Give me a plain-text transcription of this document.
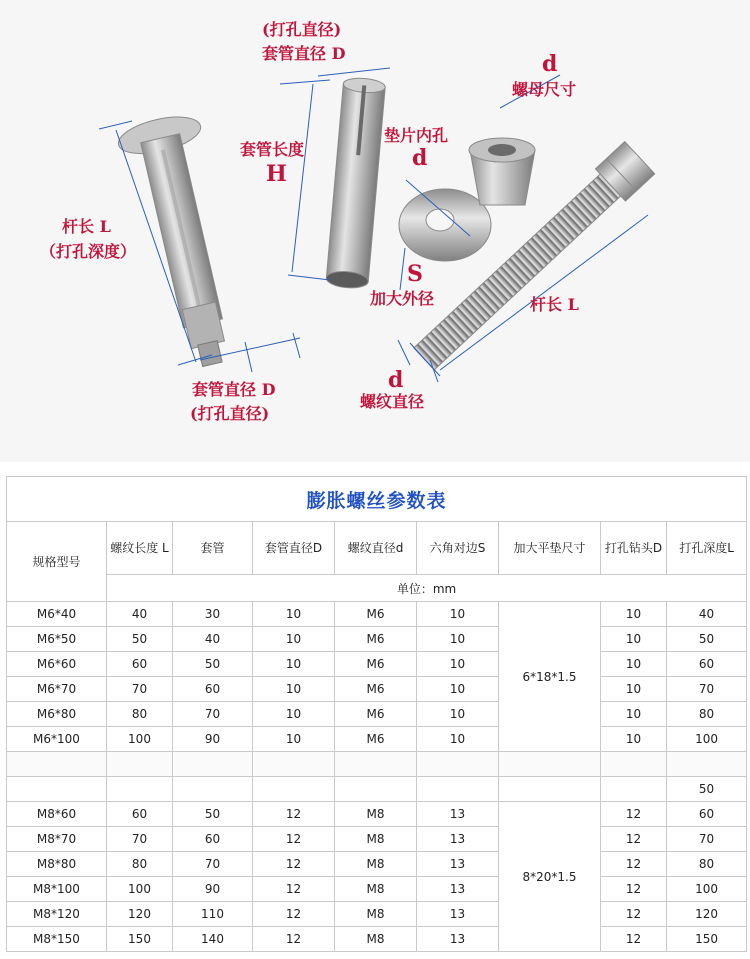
(打孔直径)
套管直径 D
套管长度
H
杆长 L
（打孔深度）
套管直径 D
(打孔直径)
垫片内孔
d
S
加大外径
d
螺母尺寸
杆长 L
d
螺纹直径
膨胀螺丝参数表								
规格型号	螺纹长度 L	套管	套管直径D	螺纹直径d	六角对边S	加大平垫尺寸	打孔钻头D	打孔深度L
	单位：mm							
M6*40	40	30	10	M6	10	6*18*1.5	10	40
M6*50	50	40	10	M6	10		10	50
M6*60	60	50	10	M6	10		10	60
M6*70	70	60	10	M6	10		10	70
M6*80	80	70	10	M6	10		10	80
M6*100	100	90	10	M6	10		10	100

								50
M8*60	60	50	12	M8	13	8*20*1.5	12	60
M8*70	70	60	12	M8	13		12	70
M8*80	80	70	12	M8	13		12	80
M8*100	100	90	12	M8	13		12	100
M8*120	120	110	12	M8	13		12	120
M8*150	150	140	12	M8	13		12	150
